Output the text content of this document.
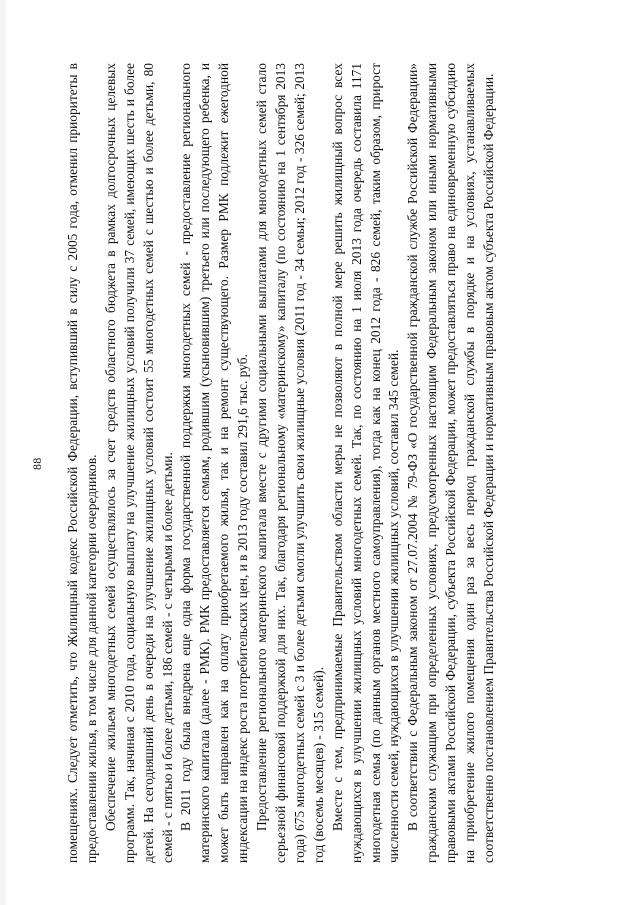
88 помещениях. Следует отметить, что Жилищный кодекс Российской Федерации, вступивший в силу с 2005 года, отменил приоритеты в предоставлении жилья, в том числе для данной категории очередников. Обеспечение жильем многодетных семей осуществлялось за счет средств областного бюджета в рамках долгосрочных целевых программ. Так, начиная с 2010 года, социальную выплату на улучшение жилищных условий получили 37 семей, имеющих шесть и более детей. На сегодняшний день в очереди на улучшение жилищных условий состоит 55 многодетных семей с шестью и более детьми, 80 семей - с пятью и более детьми, 186 семей - с четырьмя и более детьми. В 2011 году была внедрена еще одна форма государственной поддержки многодетных семей - предоставление регионального материнского капитала (далее - РМК). РМК предоставляется семьям, родившим (усыновившим) третьего или последующего ребенка, и может быть направлен как на оплату приобретаемого жилья, так и на ремонт существующего. Размер РМК подлежит ежегодной индексации на индекс роста потребительских цен, и в 2013 году составил 291,6 тыс. руб. Предоставление регионального материнского капитала вместе с другими социальными выплатами для многодетных семей стало серьезной финансовой поддержкой для них. Так, благодаря региональному «материнскому» капиталу (по состоянию на 1 сентября 2013 года) 675 многодетных семей с 3 и более детьми смогли улучшить свои жилищные условия (2011 год - 34 семьи; 2012 год - 326 семей; 2013 год (восемь месяцев) - 315 семей). Вместе с тем, предпринимаемые Правительством области меры не позволяют в полной мере решить жилищный вопрос всех нуждающихся в улучшении жилищных условий многодетных семей. Так, по состоянию на 1 июля 2013 года очередь составила 1171 многодетная семья (по данным органов местного самоуправления), тогда как на конец 2012 года - 826 семей, таким образом, прирост численности семей, нуждающихся в улучшении жилищных условий, составил 345 семей. В соответствии с Федеральным законом от 27.07.2004 № 79-ФЗ «О государственной гражданской службе Российской Федерации» гражданским служащим при определенных условиях, предусмотренных настоящим Федеральным законом или иными нормативными правовыми актами Российской Федерации, субъекта Российской Федерации, может предоставляться право на единовременную субсидию на приобретение жилого помещения один раз за весь период гражданской службы в порядке и на условиях, устанавливаемых соответственно постановлением Правительства Российской Федерации и нормативным правовым актом субъекта Российской Федерации.
